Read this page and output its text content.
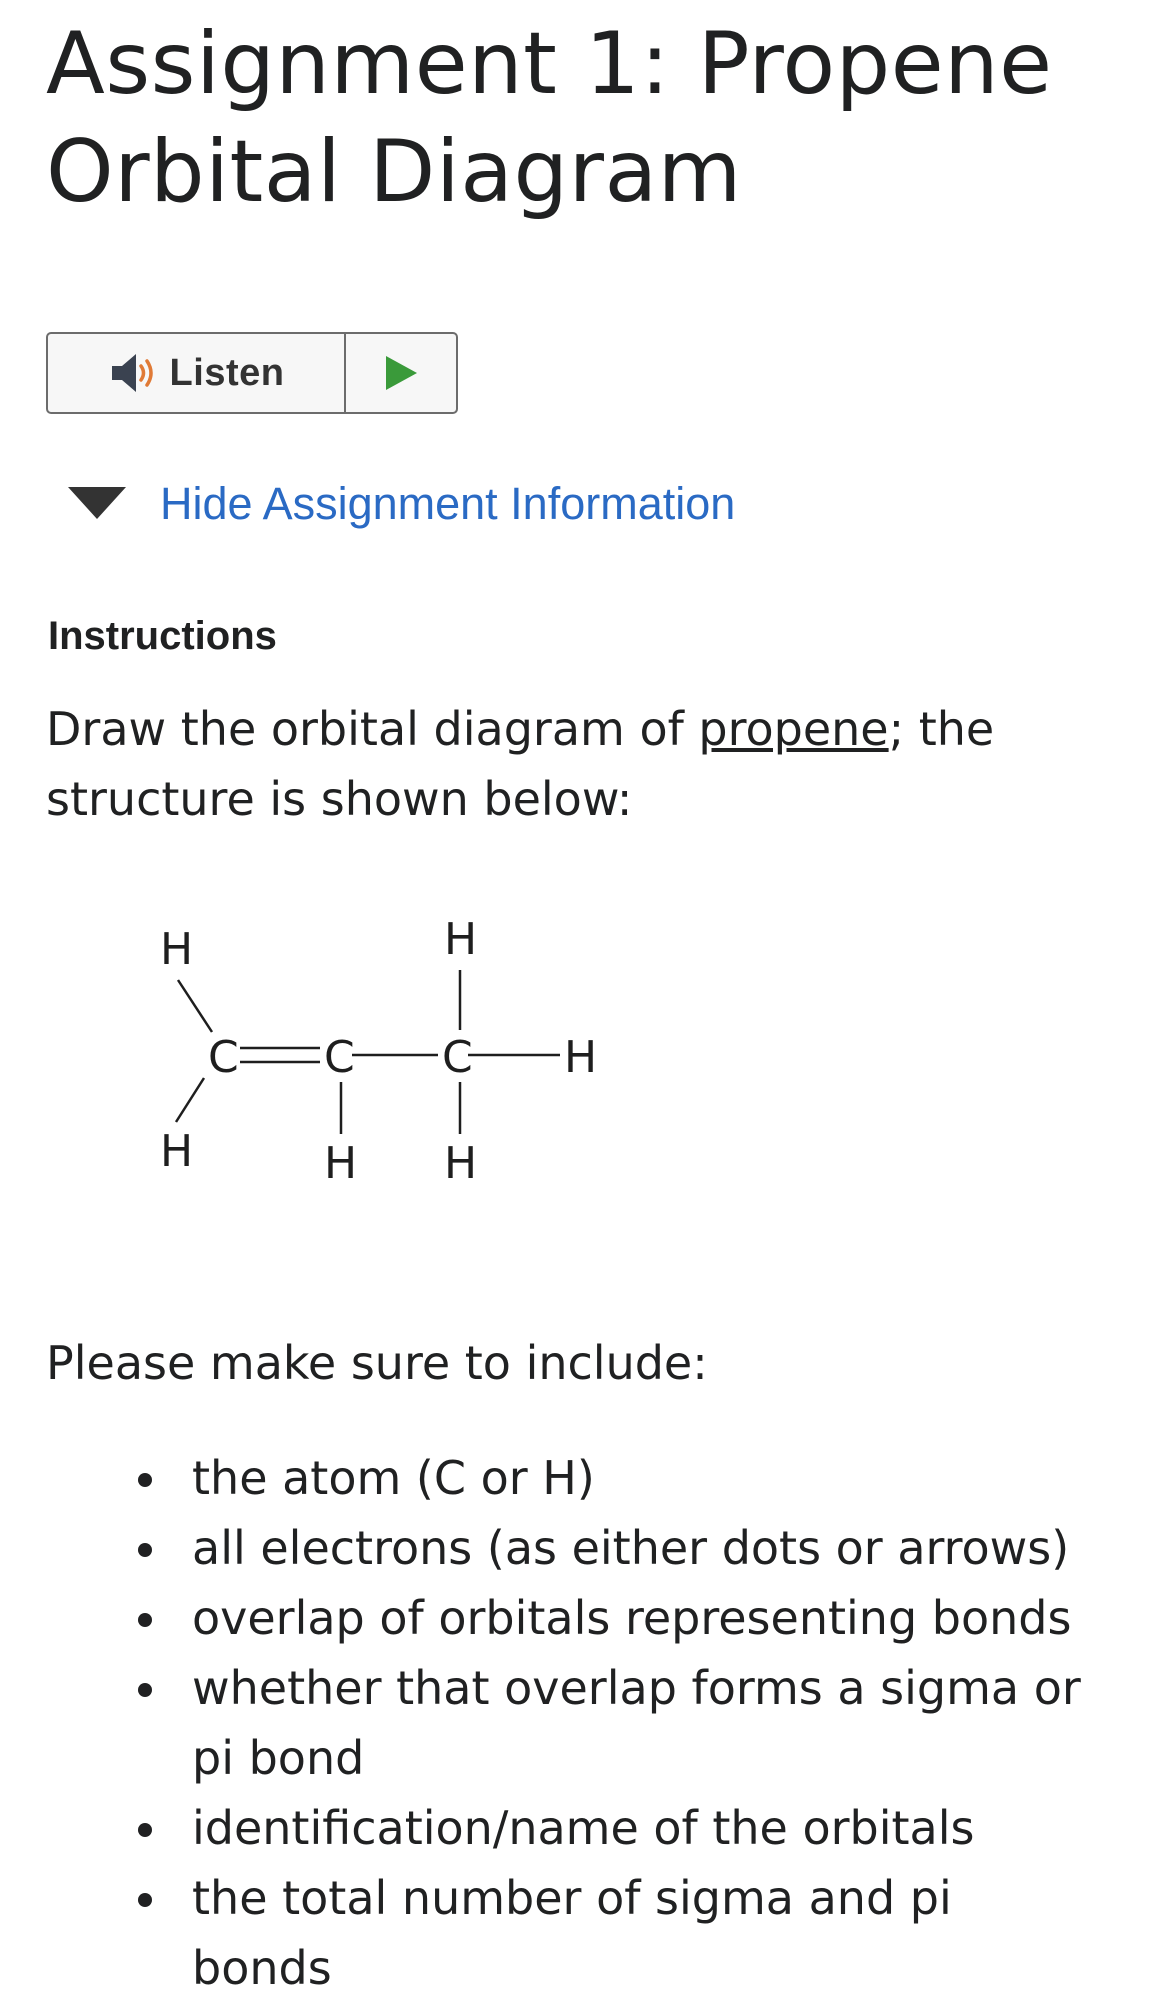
Assignment 1: Propene Orbital Diagram
Listen
Hide Assignment Information
Instructions

Draw the orbital diagram of propene; the structure is shown below:

H
H
C C C
H
H
H
H

Please make sure to include:

the atom (C or H)
all electrons (as either dots or arrows)
overlap of orbitals representing bonds
whether that overlap forms a sigma or pi bond
identification/name of the orbitals
the total number of sigma and pi bonds
